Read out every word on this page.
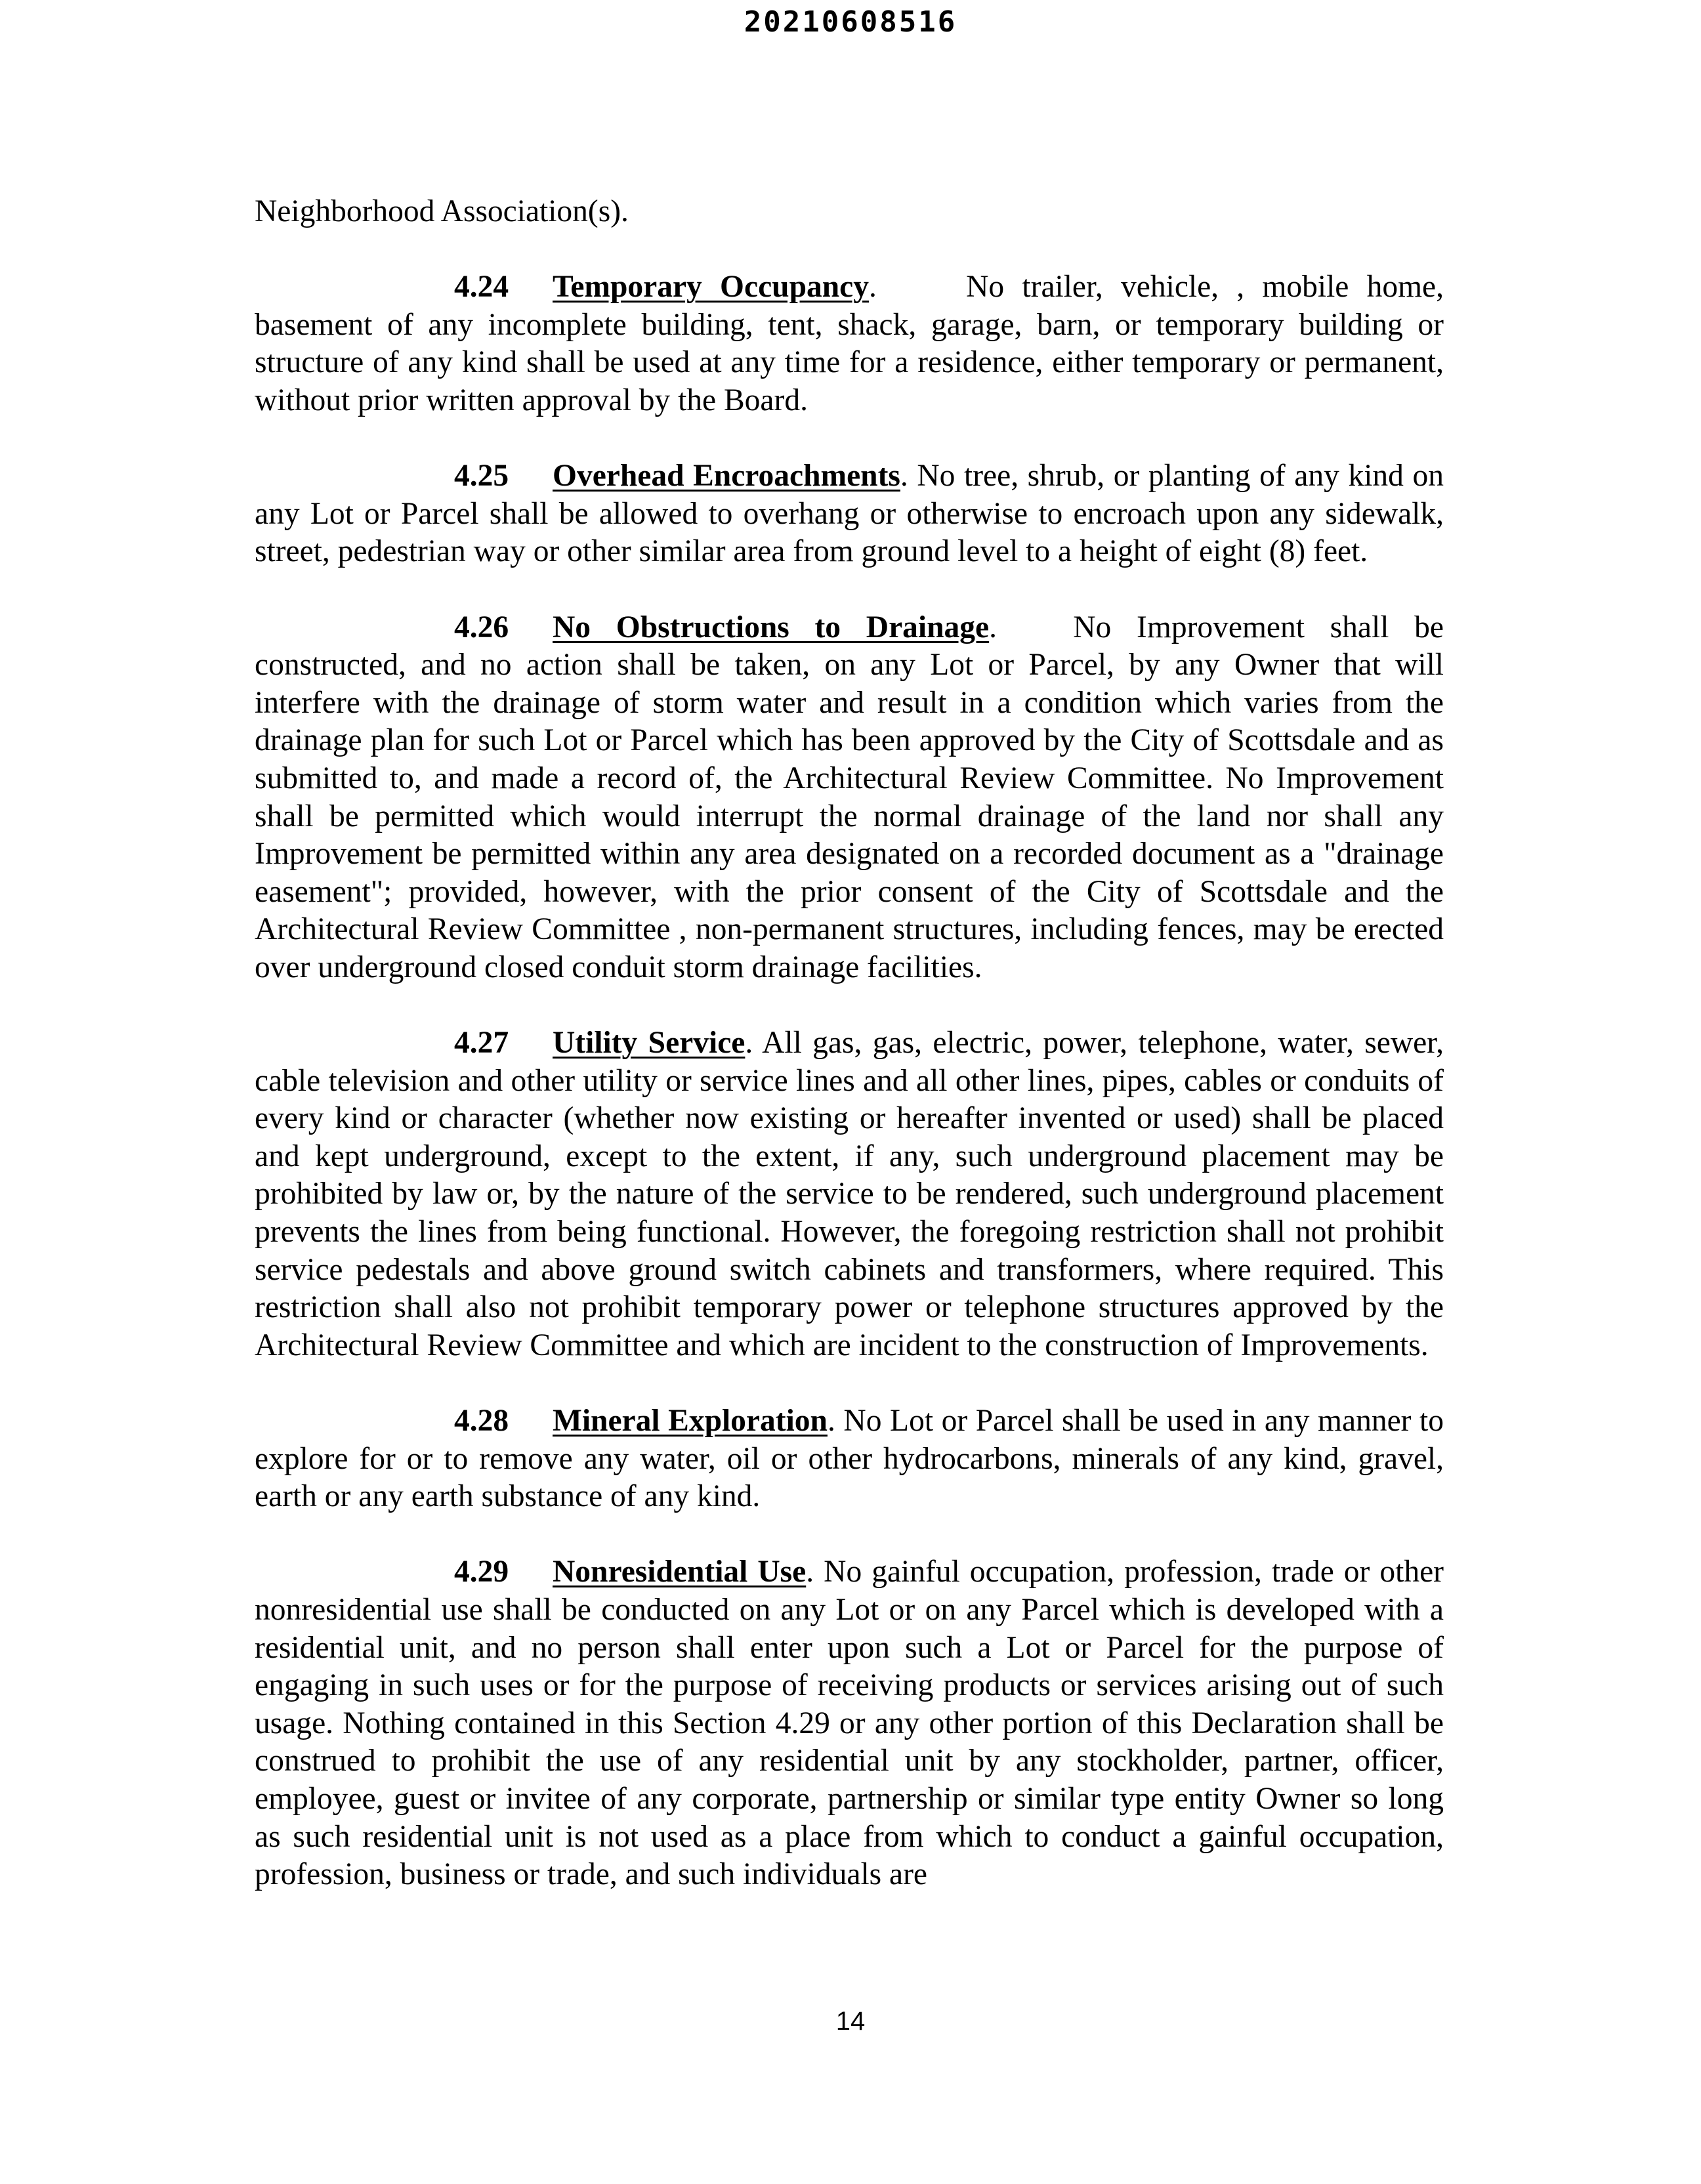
20210608516

Neighborhood Association(s).

4.24 Temporary Occupancy.     No trailer, vehicle, , mobile home, basement of any incomplete building, tent, shack, garage, barn, or temporary building or structure of any kind shall be used at any time for a residence, either temporary or permanent, without prior written approval by the Board.

4.25 Overhead Encroachments. No tree, shrub, or planting of any kind on any Lot or Parcel shall be allowed to overhang or otherwise to encroach upon any sidewalk, street, pedestrian way or other similar area from ground level to a height of eight (8) feet.

4.26 No Obstructions to Drainage.   No Improvement shall be constructed, and no action shall be taken, on any Lot or Parcel, by any Owner that will interfere with the drainage of storm water and result in a condition which varies from the drainage plan for such Lot or Parcel which has been approved by the City of Scottsdale and as submitted to, and made a record of, the Architectural Review Committee. No Improvement shall be permitted which would interrupt the normal drainage of the land nor shall any Improvement be permitted within any area designated on a recorded document as a "drainage easement"; provided, however, with the prior consent of the City of Scottsdale and the Architectural Review Committee , non-permanent structures, including fences, may be erected over underground closed conduit storm drainage facilities.

4.27 Utility Service. All gas, gas, electric, power, telephone, water, sewer, cable television and other utility or service lines and all other lines, pipes, cables or conduits of every kind or character (whether now existing or hereafter invented or used) shall be placed and kept underground, except to the extent, if any, such underground placement may be prohibited by law or, by the nature of the service to be rendered, such underground placement prevents the lines from being functional. However, the foregoing restriction shall not prohibit service pedestals and above ground switch cabinets and transformers, where required. This restriction shall also not prohibit temporary power or telephone structures approved by the Architectural Review Committee and which are incident to the construction of Improvements.

4.28 Mineral Exploration. No Lot or Parcel shall be used in any manner to explore for or to remove any water, oil or other hydrocarbons, minerals of any kind, gravel, earth or any earth substance of any kind.

4.29 Nonresidential Use. No gainful occupation, profession, trade or other nonresidential use shall be conducted on any Lot or on any Parcel which is developed with a residential unit, and no person shall enter upon such a Lot or Parcel for the purpose of engaging in such uses or for the purpose of receiving products or services arising out of such usage. Nothing contained in this Section 4.29 or any other portion of this Declaration shall be construed to prohibit the use of any residential unit by any stockholder, partner, officer, employee, guest or invitee of any corporate, partnership or similar type entity Owner so long as such residential unit is not used as a place from which to conduct a gainful occupation, profession, business or trade, and such individuals are

14
